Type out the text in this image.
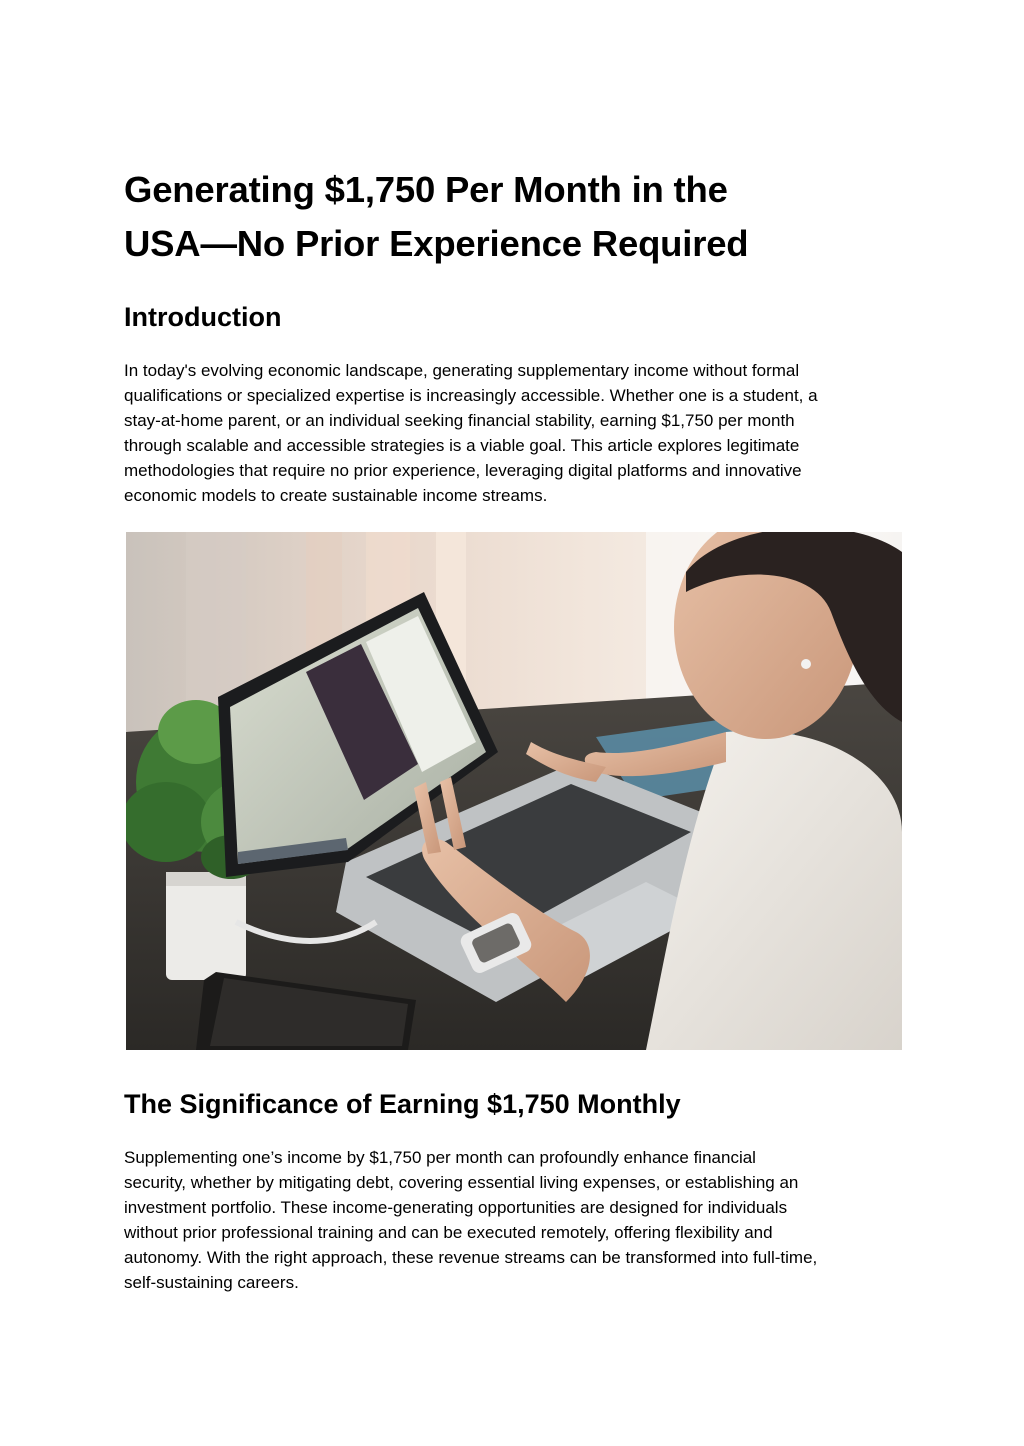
Generating $1,750 Per Month in the
USA—No Prior Experience Required
Introduction

In today's evolving economic landscape, generating supplementary income without formal
qualifications or specialized expertise is increasingly accessible. Whether one is a student, a
stay-at-home parent, or an individual seeking financial stability, earning $1,750 per month
through scalable and accessible strategies is a viable goal. This article explores legitimate
methodologies that require no prior experience, leveraging digital platforms and innovative
economic models to create sustainable income streams.

The Significance of Earning $1,750 Monthly

Supplementing one’s income by $1,750 per month can profoundly enhance financial
security, whether by mitigating debt, covering essential living expenses, or establishing an
investment portfolio. These income-generating opportunities are designed for individuals
without prior professional training and can be executed remotely, offering flexibility and
autonomy. With the right approach, these revenue streams can be transformed into full-time,
self-sustaining careers.
